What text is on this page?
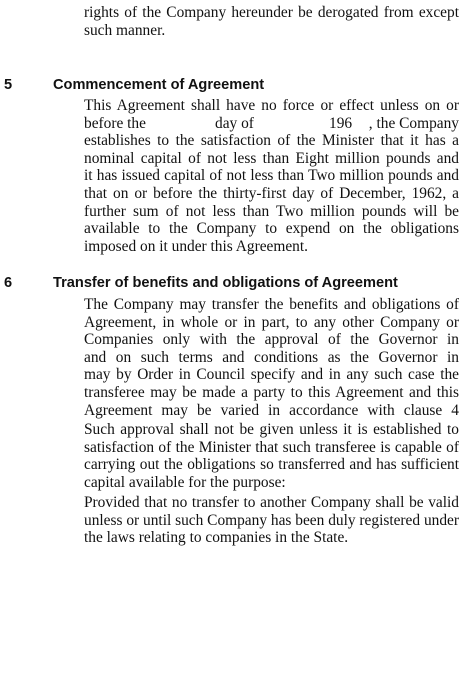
rights of the Company hereunder be derogated from except
such manner.
5	Commencement of Agreement
This Agreement shall have no force or effect unless on or
before the	day of	196 , the Company
establishes to the satisfaction of the Minister that it has a
nominal capital of not less than Eight million pounds and
it has issued capital of not less than Two million pounds and
that on or before the thirty-first day of December, 1962, a
further sum of not less than Two million pounds will be
available to the Company to expend on the obligations
imposed on it under this Agreement.
6	Transfer of benefits and obligations of Agreement
The Company may transfer the benefits and obligations of
Agreement, in whole or in part, to any other Company or
Companies only with the approval of the Governor in
and on such terms and conditions as the Governor in
may by Order in Council specify and in any such case the
transferee may be made a party to this Agreement and this
Agreement may be varied in accordance with clause 4
Such approval shall not be given unless it is established to
satisfaction of the Minister that such transferee is capable of
carrying out the obligations so transferred and has sufficient
capital available for the purpose:
Provided that no transfer to another Company shall be valid
unless or until such Company has been duly registered under
the laws relating to companies in the State.
